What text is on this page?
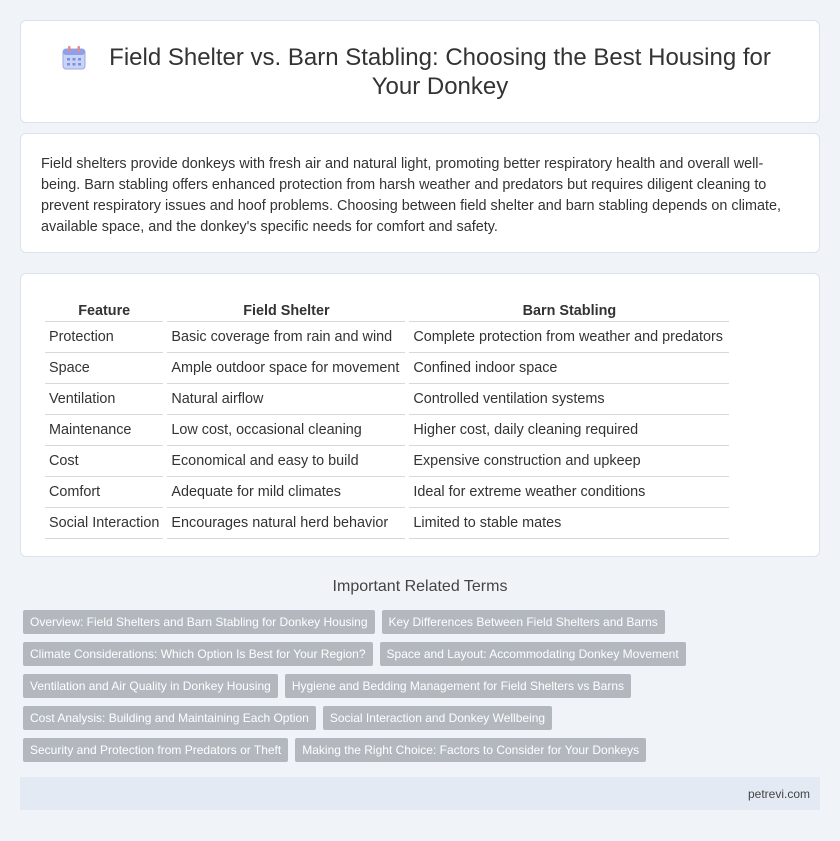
Field Shelter vs. Barn Stabling: Choosing the Best Housing for Your Donkey

Field shelters provide donkeys with fresh air and natural light, promoting better respiratory health and overall well-being. Barn stabling offers enhanced protection from harsh weather and predators but requires diligent cleaning to prevent respiratory issues and hoof problems. Choosing between field shelter and barn stabling depends on climate, available space, and the donkey's specific needs for comfort and safety.

Feature	Field Shelter	Barn Stabling
Protection	Basic coverage from rain and wind	Complete protection from weather and predators
Space	Ample outdoor space for movement	Confined indoor space
Ventilation	Natural airflow	Controlled ventilation systems
Maintenance	Low cost, occasional cleaning	Higher cost, daily cleaning required
Cost	Economical and easy to build	Expensive construction and upkeep
Comfort	Adequate for mild climates	Ideal for extreme weather conditions
Social Interaction	Encourages natural herd behavior	Limited to stable mates
Important Related Terms
Overview: Field Shelters and Barn Stabling for Donkey Housing	Key Differences Between Field Shelters and Barns
Climate Considerations: Which Option Is Best for Your Region?	Space and Layout: Accommodating Donkey Movement
Ventilation and Air Quality in Donkey Housing	Hygiene and Bedding Management for Field Shelters vs Barns
Cost Analysis: Building and Maintaining Each Option	Social Interaction and Donkey Wellbeing
Security and Protection from Predators or Theft	Making the Right Choice: Factors to Consider for Your Donkeys
petrevi.com
